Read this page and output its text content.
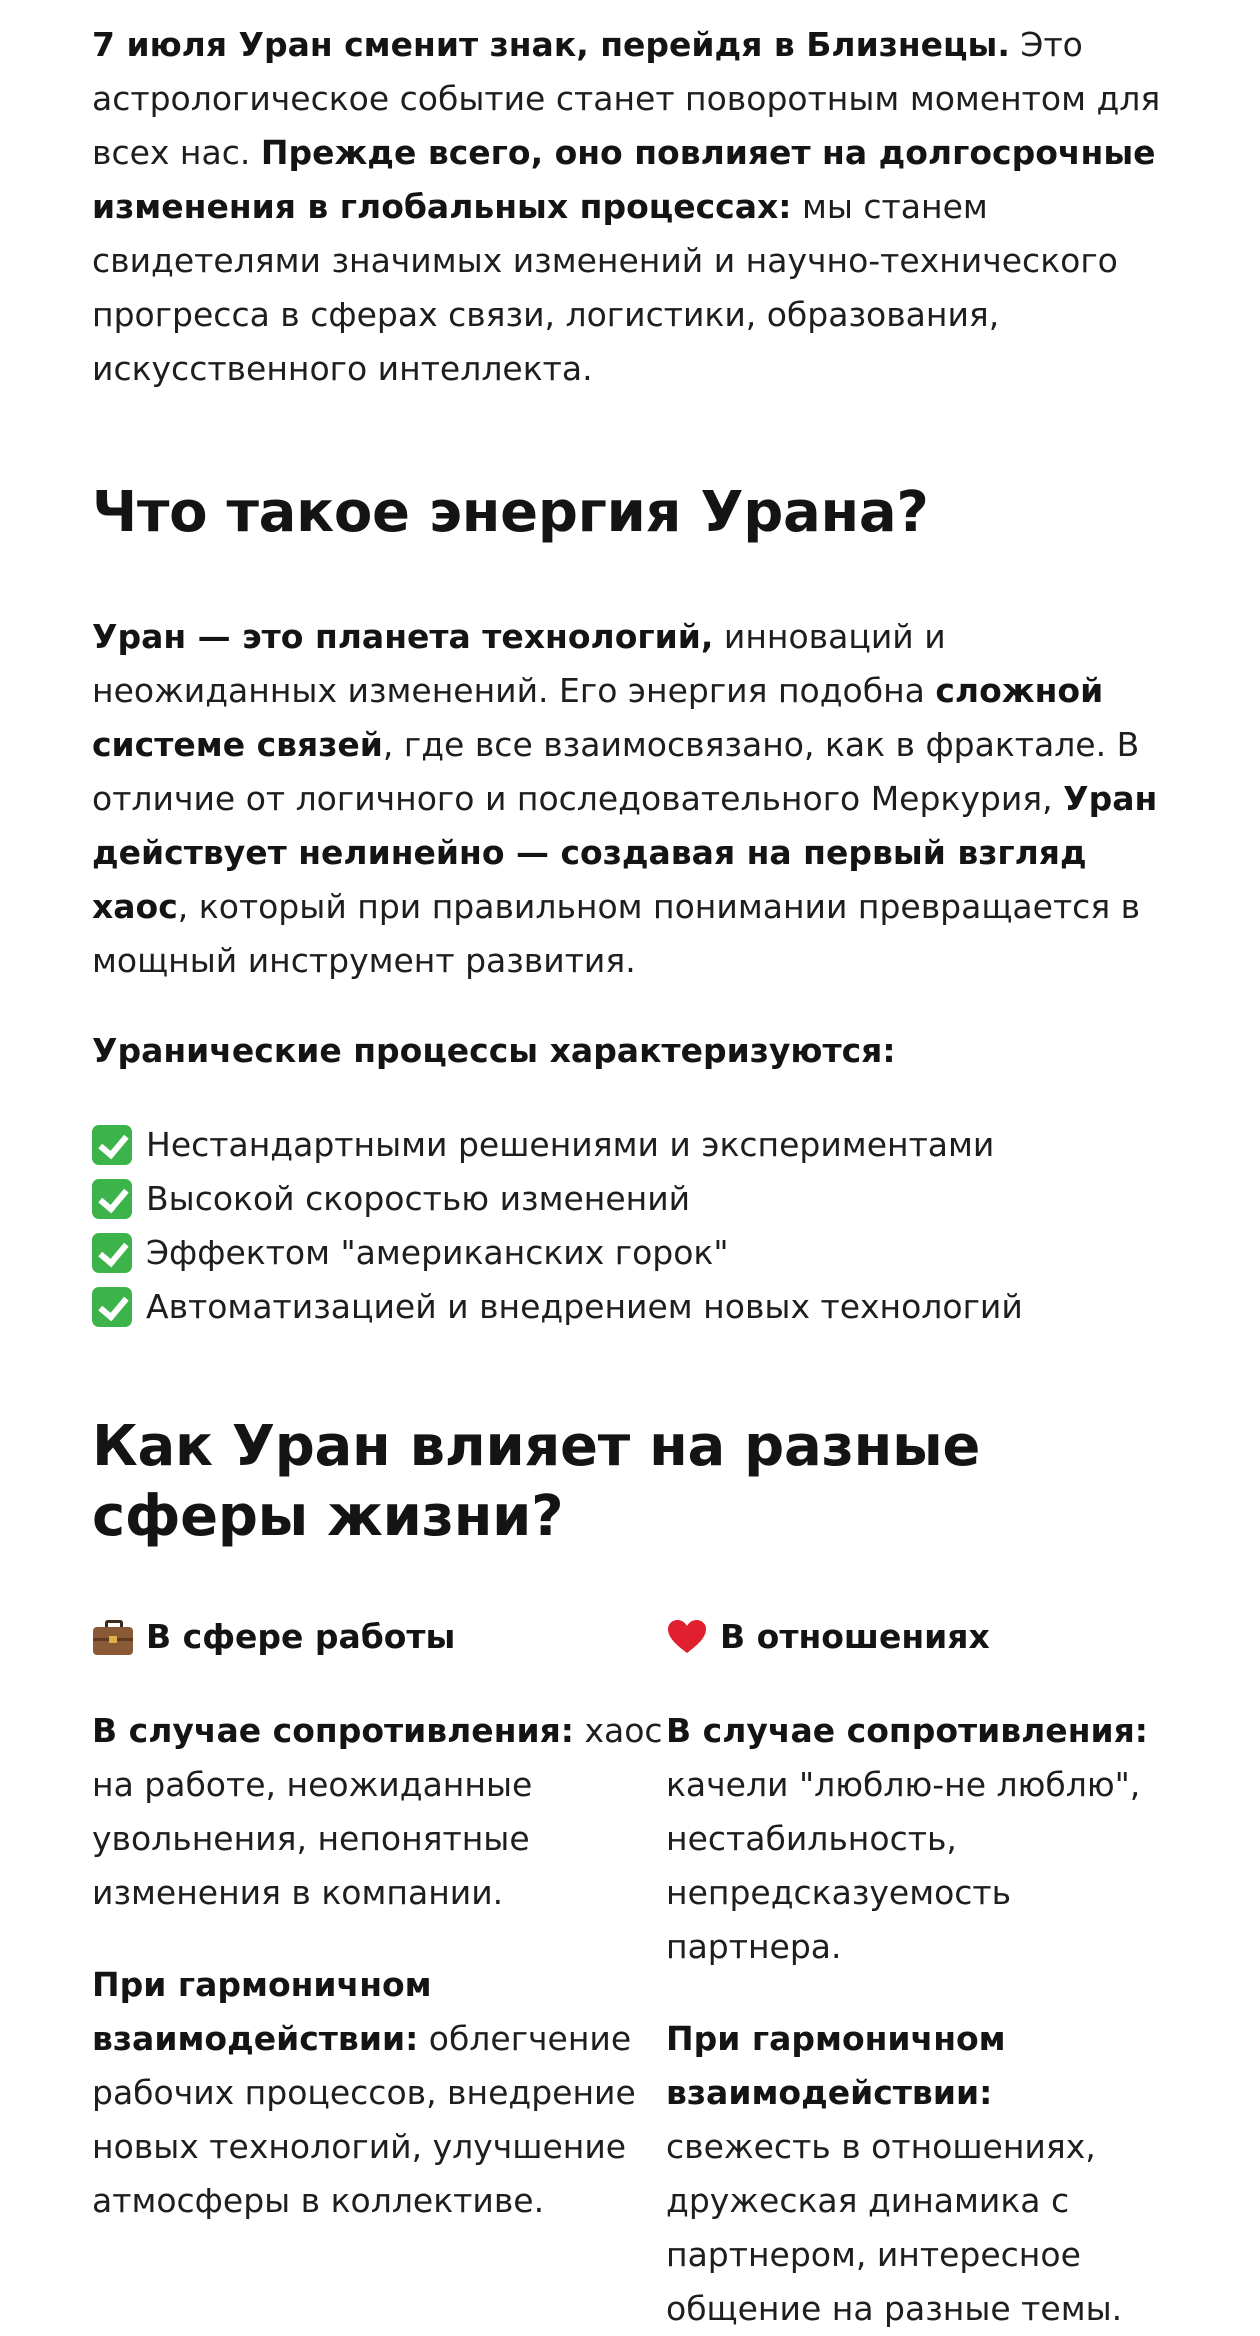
7 июля Уран сменит знак, перейдя в Близнецы. Это астрологическое событие станет поворотным моментом для всех нас. Прежде всего, оно повлияет на долгосрочные изменения в глобальных процессах: мы станем свидетелями значимых изменений и научно-технического прогресса в сферах связи, логистики, образования, искусственного интеллекта.

Что такое энергия Урана?

Уран — это планета технологий, инноваций и неожиданных изменений. Его энергия подобна сложной системе связей, где все взаимосвязано, как в фрактале. В отличие от логичного и последовательного Меркурия, Уран действует нелинейно — создавая на первый взгляд хаос, который при правильном понимании превращается в мощный инструмент развития.

Уранические процессы характеризуются:

Нестандартными решениями и экспериментами
Высокой скоростью изменений
Эффектом "американских горок"
Автоматизацией и внедрением новых технологий
Как Уран влияет на разные сферы жизни?
В сфере работы

В случае сопротивления: хаос на работе, неожиданные увольнения, непонятные изменения в компании.

При гармоничном взаимодействии: облегчение рабочих процессов, внедрение новых технологий, улучшение атмосферы в коллективе.

В отношениях

В случае сопротивления: качели "люблю-не люблю", нестабильность, непредсказуемость партнера.

При гармоничном взаимодействии: свежесть в отношениях, дружеская динамика с партнером, интересное общение на разные темы.
